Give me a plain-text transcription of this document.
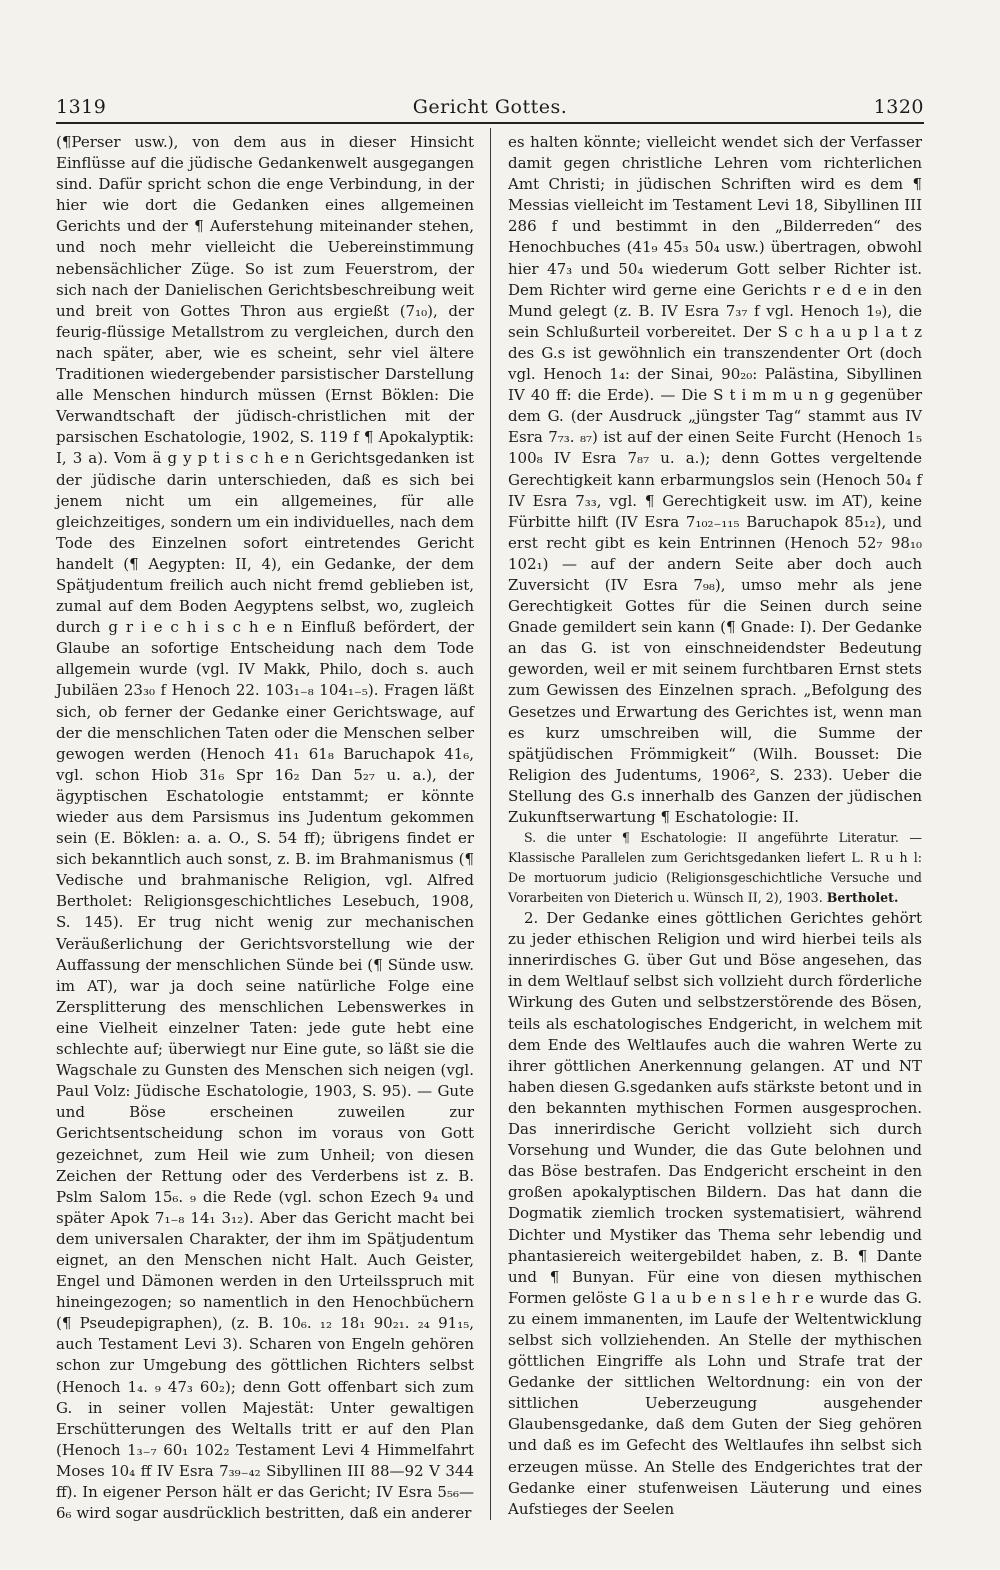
1319	Gericht Gottes.	1320

(¶Perser usw.), von dem aus in dieser Hinsicht Einflüsse auf die jüdische Gedankenwelt ausgegangen sind. Dafür spricht schon die enge Verbindung, in der hier wie dort die Gedanken eines allgemeinen Gerichts und der ¶ Auferstehung miteinander stehen, und noch mehr vielleicht die Uebereinstimmung nebensächlicher Züge. So ist zum Feuerstrom, der sich nach der Danielischen Gerichtsbeschreibung weit und breit von Gottes Thron aus ergießt (7₁₀), der feurig-flüssige Metallstrom zu vergleichen, durch den nach später, aber, wie es scheint, sehr viel ältere Traditionen wiedergebender parsistischer Darstellung alle Menschen hindurch müssen (Ernst Böklen: Die Verwandtschaft der jüdisch-christlichen mit der parsischen Eschatologie, 1902, S. 119 f ¶ Apokalyptik: I, 3 a). Vom ä g y p t i s c h e n Gerichtsgedanken ist der jüdische darin unterschieden, daß es sich bei jenem nicht um ein allgemeines, für alle gleichzeitiges, sondern um ein individuelles, nach dem Tode des Einzelnen sofort eintretendes Gericht handelt (¶ Aegypten: II, 4), ein Gedanke, der dem Spätjudentum freilich auch nicht fremd geblieben ist, zumal auf dem Boden Aegyptens selbst, wo, zugleich durch g r i e c h i s c h e n Einfluß befördert, der Glaube an sofortige Entscheidung nach dem Tode allgemein wurde (vgl. IV Makk, Philo, doch s. auch Jubiläen 23₃₀ f Henoch 22. 103₁₋₈ 104₁₋₅). Fragen läßt sich, ob ferner der Gedanke einer Gerichtswage, auf der die menschlichen Taten oder die Menschen selber gewogen werden (Henoch 41₁ 61₈ Baruchapok 41₆, vgl. schon Hiob 31₆ Spr 16₂ Dan 5₂₇ u. a.), der ägyptischen Eschatologie entstammt; er könnte wieder aus dem Parsismus ins Judentum gekommen sein (E. Böklen: a. a. O., S. 54 ff); übrigens findet er sich bekanntlich auch sonst, z. B. im Brahmanismus (¶ Vedische und brahmanische Religion, vgl. Alfred Bertholet: Religionsgeschichtliches Lesebuch, 1908, S. 145). Er trug nicht wenig zur mechanischen Veräußerlichung der Gerichtsvorstellung wie der Auffassung der menschlichen Sünde bei (¶ Sünde usw. im AT), war ja doch seine natürliche Folge eine Zersplitterung des menschlichen Lebenswerkes in eine Vielheit einzelner Taten: jede gute hebt eine schlechte auf; überwiegt nur Eine gute, so läßt sie die Wagschale zu Gunsten des Menschen sich neigen (vgl. Paul Volz: Jüdische Eschatologie, 1903, S. 95). — Gute und Böse erscheinen zuweilen zur Gerichtsentscheidung schon im voraus von Gott gezeichnet, zum Heil wie zum Unheil; von diesen Zeichen der Rettung oder des Verderbens ist z. B. Pslm Salom 15₆. ₉ die Rede (vgl. schon Ezech 9₄ und später Apok 7₁₋₈ 14₁ 3₁₂). Aber das Gericht macht bei dem universalen Charakter, der ihm im Spätjudentum eignet, an den Menschen nicht Halt. Auch Geister, Engel und Dämonen werden in den Urteilsspruch mit hineingezogen; so namentlich in den Henochbüchern (¶ Pseudepigraphen), (z. B. 10₆. ₁₂ 18₁ 90₂₁. ₂₄ 91₁₅, auch Testament Levi 3). Scharen von Engeln gehören schon zur Umgebung des göttlichen Richters selbst (Henoch 1₄. ₉ 47₃ 60₂); denn Gott offenbart sich zum G. in seiner vollen Majestät: Unter gewaltigen Erschütterungen des Weltalls tritt er auf den Plan (Henoch 1₃₋₇ 60₁ 102₂ Testament Levi 4 Himmelfahrt Moses 10₄ ff IV Esra 7₃₉₋₄₂ Sibyllinen III 88—92 V 344 ff). In eigener Person hält er das Gericht; IV Esra 5₅₆—6₆ wird sogar ausdrücklich bestritten, daß ein anderer

es halten könnte; vielleicht wendet sich der Verfasser damit gegen christliche Lehren vom richterlichen Amt Christi; in jüdischen Schriften wird es dem ¶ Messias vielleicht im Testament Levi 18, Sibyllinen III 286 f und bestimmt in den „Bilderreden“ des Henochbuches (41₉ 45₃ 50₄ usw.) übertragen, obwohl hier 47₃ und 50₄ wiederum Gott selber Richter ist. Dem Richter wird gerne eine Gerichts r e d e in den Mund gelegt (z. B. IV Esra 7₃₇ f vgl. Henoch 1₉), die sein Schlußurteil vorbereitet. Der S c h a u p l a t z des G.s ist gewöhnlich ein transzendenter Ort (doch vgl. Henoch 1₄: der Sinai, 90₂₀: Palästina, Sibyllinen IV 40 ff: die Erde). — Die S t i m m u n g gegenüber dem G. (der Ausdruck „jüngster Tag“ stammt aus IV Esra 7₇₃. ₈₇) ist auf der einen Seite Furcht (Henoch 1₅ 100₈ IV Esra 7₈₇ u. a.); denn Gottes vergeltende Gerechtigkeit kann erbarmungslos sein (Henoch 50₄ f IV Esra 7₃₃, vgl. ¶ Gerechtigkeit usw. im AT), keine Fürbitte hilft (IV Esra 7₁₀₂₋₁₁₅ Baruchapok 85₁₂), und erst recht gibt es kein Entrinnen (Henoch 52₇ 98₁₀ 102₁) — auf der andern Seite aber doch auch Zuversicht (IV Esra 7₉₈), umso mehr als jene Gerechtigkeit Gottes für die Seinen durch seine Gnade gemildert sein kann (¶ Gnade: I). Der Gedanke an das G. ist von einschneidendster Bedeutung geworden, weil er mit seinem furchtbaren Ernst stets zum Gewissen des Einzelnen sprach. „Befolgung des Gesetzes und Erwartung des Gerichtes ist, wenn man es kurz umschreiben will, die Summe der spätjüdischen Frömmigkeit“ (Wilh. Bousset: Die Religion des Judentums, 1906², S. 233). Ueber die Stellung des G.s innerhalb des Ganzen der jüdischen Zukunftserwartung ¶ Eschatologie: II.

S. die unter ¶ Eschatologie: II angeführte Literatur. — Klassische Parallelen zum Gerichtsgedanken liefert L. R u h l: De mortuorum judicio (Religionsgeschichtliche Versuche und Vorarbeiten von Dieterich u. Wünsch II, 2), 1903. Bertholet.

2. Der Gedanke eines göttlichen Gerichtes gehört zu jeder ethischen Religion und wird hierbei teils als innerirdisches G. über Gut und Böse angesehen, das in dem Weltlauf selbst sich vollzieht durch förderliche Wirkung des Guten und selbstzerstörende des Bösen, teils als eschatologisches Endgericht, in welchem mit dem Ende des Weltlaufes auch die wahren Werte zu ihrer göttlichen Anerkennung gelangen. AT und NT haben diesen G.sgedanken aufs stärkste betont und in den bekannten mythischen Formen ausgesprochen. Das innerirdische Gericht vollzieht sich durch Vorsehung und Wunder, die das Gute belohnen und das Böse bestrafen. Das Endgericht erscheint in den großen apokalyptischen Bildern. Das hat dann die Dogmatik ziemlich trocken systematisiert, während Dichter und Mystiker das Thema sehr lebendig und phantasiereich weitergebildet haben, z. B. ¶ Dante und ¶ Bunyan. Für eine von diesen mythischen Formen gelöste G l a u b e n s l e h r e wurde das G. zu einem immanenten, im Laufe der Weltentwicklung selbst sich vollziehenden. An Stelle der mythischen göttlichen Eingriffe als Lohn und Strafe trat der Gedanke der sittlichen Weltordnung: ein von der sittlichen Ueberzeugung ausgehender Glaubensgedanke, daß dem Guten der Sieg gehören und daß es im Gefecht des Weltlaufes ihn selbst sich erzeugen müsse. An Stelle des Endgerichtes trat der Gedanke einer stufenweisen Läuterung und eines Aufstieges der Seelen
